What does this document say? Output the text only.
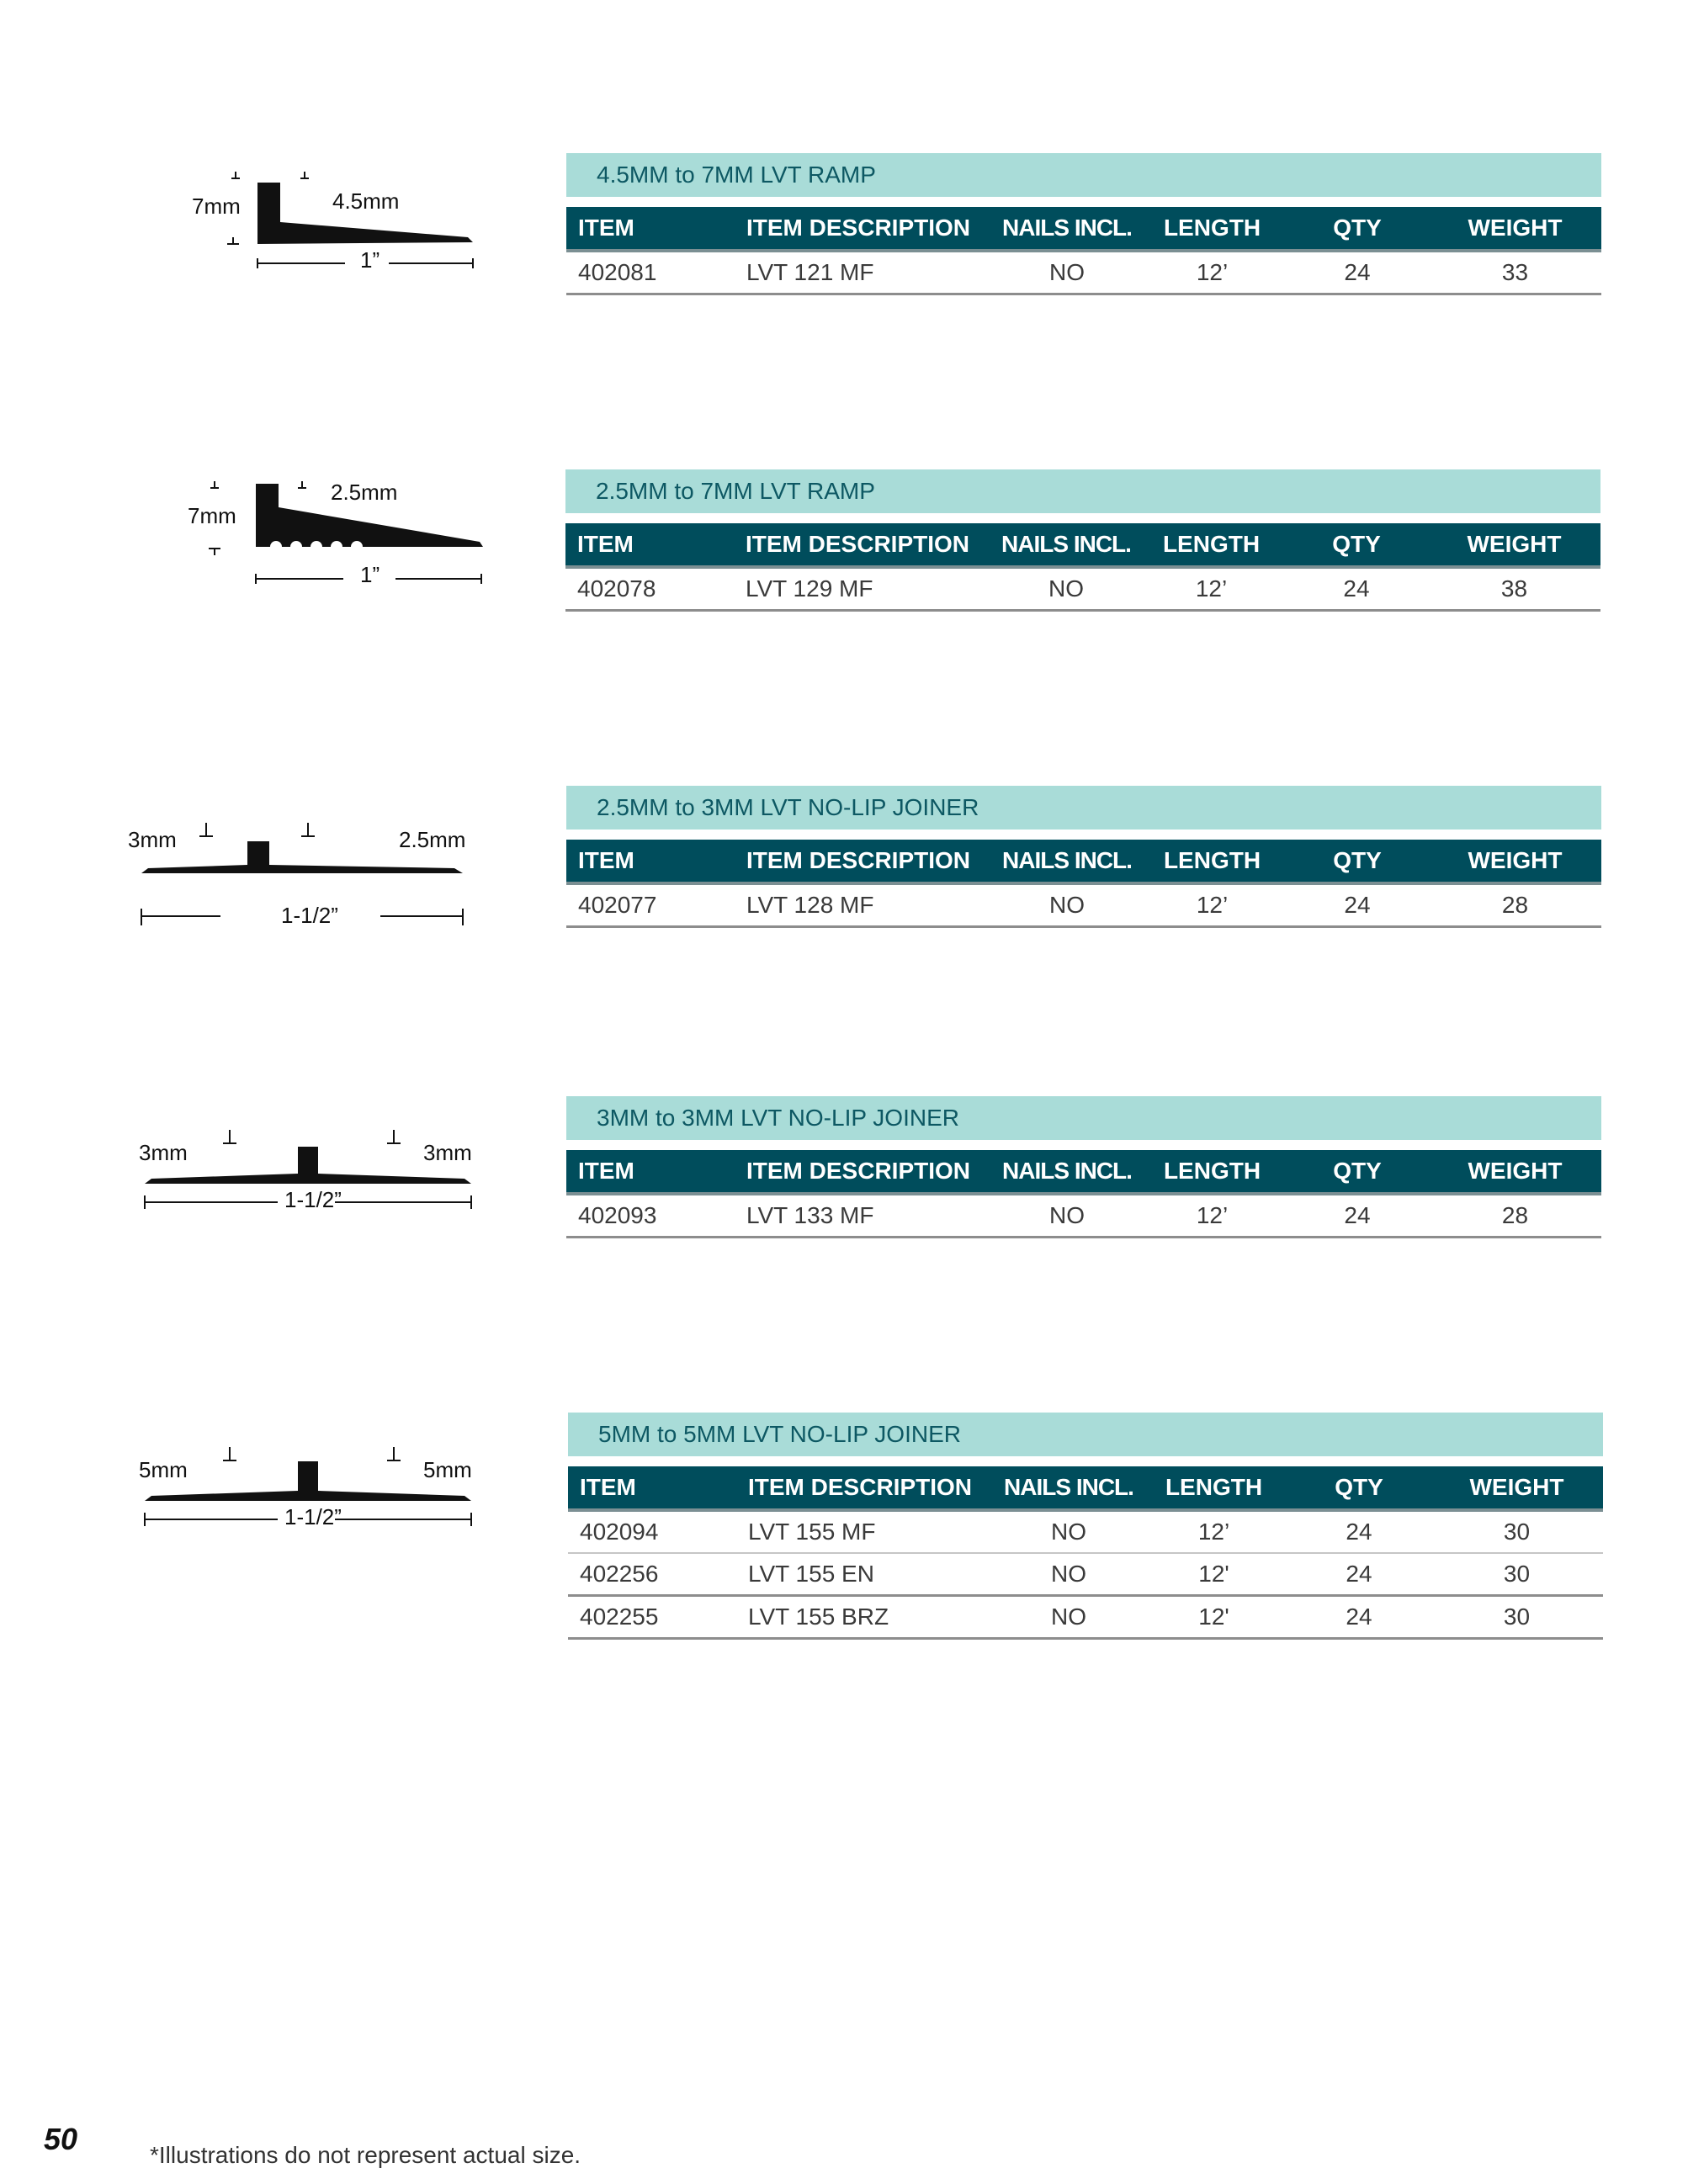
7mm	4.5mm
1”
4.5MM to 7MM LVT RAMP
ITEM	ITEM DESCRIPTION	NAILS INCL.	LENGTH	QTY	WEIGHT
402081	LVT 121 MF	NO	12’	24	33
7mm
2.5mm
1”
2.5MM to 7MM LVT RAMP
ITEM	ITEM DESCRIPTION	NAILS INCL.	LENGTH	QTY	WEIGHT
402078	LVT 129 MF	NO	12’	24	38
3mm	2.5mm
1-1/2”
2.5MM to 3MM LVT NO-LIP JOINER
ITEM	ITEM DESCRIPTION	NAILS INCL.	LENGTH	QTY	WEIGHT
402077	LVT 128 MF	NO	12’	24	28
3mm	3mm
1-1/2”
3MM to 3MM LVT NO-LIP JOINER
ITEM	ITEM DESCRIPTION	NAILS INCL.	LENGTH	QTY	WEIGHT
402093	LVT 133 MF	NO	12’	24	28
5mm	5mm
1-1/2”
5MM to 5MM LVT NO-LIP JOINER
ITEM	ITEM DESCRIPTION	NAILS INCL.	LENGTH	QTY	WEIGHT
402094	LVT 155 MF	NO	12’	24	30
402256	LVT 155 EN	NO	12'	24	30
402255	LVT 155 BRZ	NO	12'	24	30
50	*Illustrations do not represent actual size.
